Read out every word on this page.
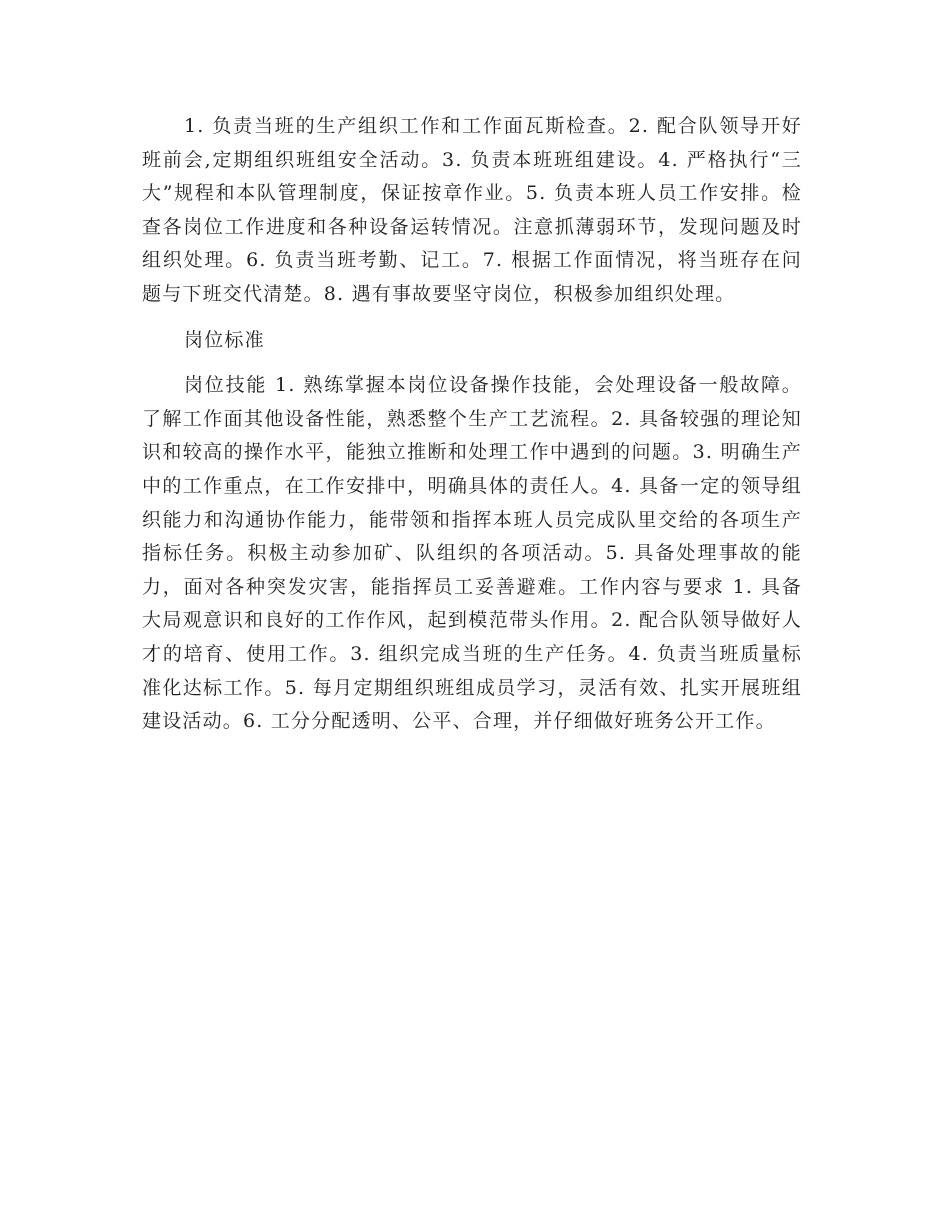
1. 负责当班的生产组织工作和工作面瓦斯检查。2. 配合队领导开好班前会,定期组织班组安全活动。3. 负责本班班组建设。4. 严格执行“三大”规程和本队管理制度，保证按章作业。5. 负责本班人员工作安排。检查各岗位工作进度和各种设备运转情况。注意抓薄弱环节，发现问题及时组织处理。6. 负责当班考勤、记工。7. 根据工作面情况，将当班存在问题与下班交代清楚。8. 遇有事故要坚守岗位，积极参加组织处理。

岗位标准

岗位技能 1. 熟练掌握本岗位设备操作技能，会处理设备一般故障。了解工作面其他设备性能，熟悉整个生产工艺流程。2. 具备较强的理论知识和较高的操作水平，能独立推断和处理工作中遇到的问题。3. 明确生产中的工作重点，在工作安排中，明确具体的责任人。4. 具备一定的领导组织能力和沟通协作能力，能带领和指挥本班人员完成队里交给的各项生产指标任务。积极主动参加矿、队组织的各项活动。5. 具备处理事故的能力，面对各种突发灾害，能指挥员工妥善避难。工作内容与要求 1. 具备大局观意识和良好的工作作风，起到模范带头作用。2. 配合队领导做好人才的培育、使用工作。3. 组织完成当班的生产任务。4. 负责当班质量标准化达标工作。5. 每月定期组织班组成员学习，灵活有效、扎实开展班组建设活动。6. 工分分配透明、公平、合理，并仔细做好班务公开工作。
